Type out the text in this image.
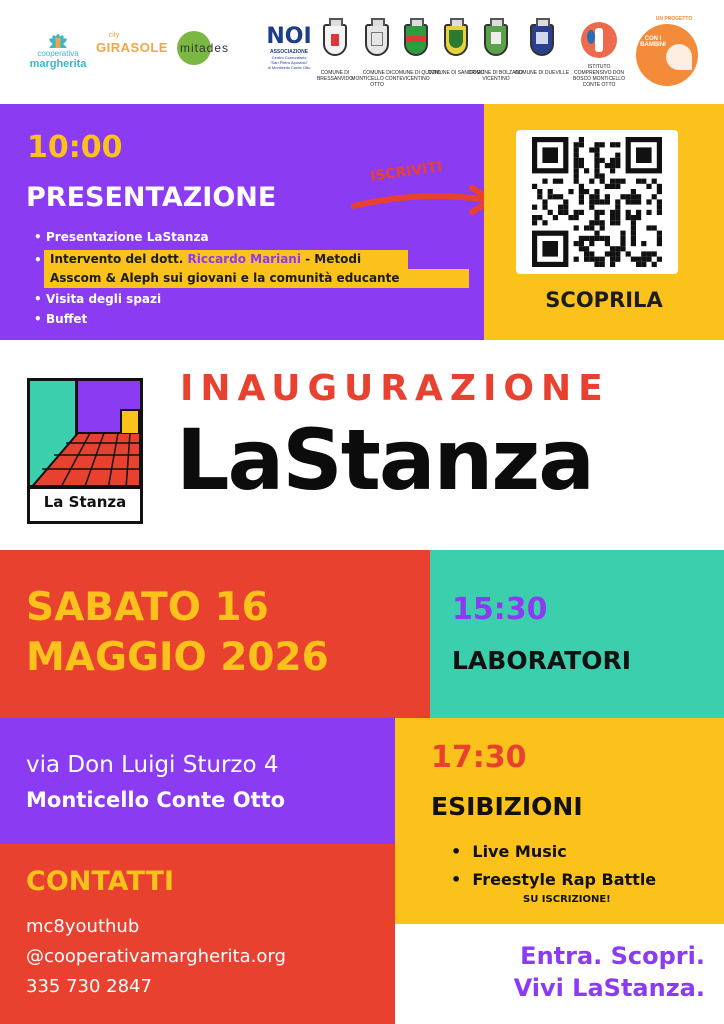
cooperativa
margherita
city
GIRASOLE	mitades	NOI
ASSOCIAZIONE
Centro Comunitario
"San Pietro Apostolo"
di Monticello Conte Otto
COMUNE DI BRESSANVIDO
COMUNE DI MONTICELLO CONTE OTTO
COMUNE DI QUINTO VICENTINO
COMUNE DI SANDRIGO
COMUNE DI BOLZANO VICENTINO
COMUNE DI DUEVILLE
ISTITUTO COMPRENSIVO DON BOSCO MONTICELLO CONTE OTTO
UN PROGETTO
CON I BAMBINI
10:00
PRESENTAZIONE
• Presentazione LaStanza
• Intervento del dott. Riccardo Mariani - Metodi
Asscom & Aleph sui giovani e la comunità educante
• Visita degli spazi
• Buffet
ISCRIVITI
SCOPRILA
La Stanza
INAUGURAZIONE
LaStanza
SABATO 16
MAGGIO 2026
15:30
LABORATORI
via Don Luigi Sturzo 4
Monticello Conte Otto
17:30
ESIBIZIONI
•  Live Music
•  Freestyle Rap Battle
SU ISCRIZIONE!
CONTATTI
mc8youthub
@cooperativamargherita.org
335 730 2847
Entra. Scopri.
Vivi LaStanza.
